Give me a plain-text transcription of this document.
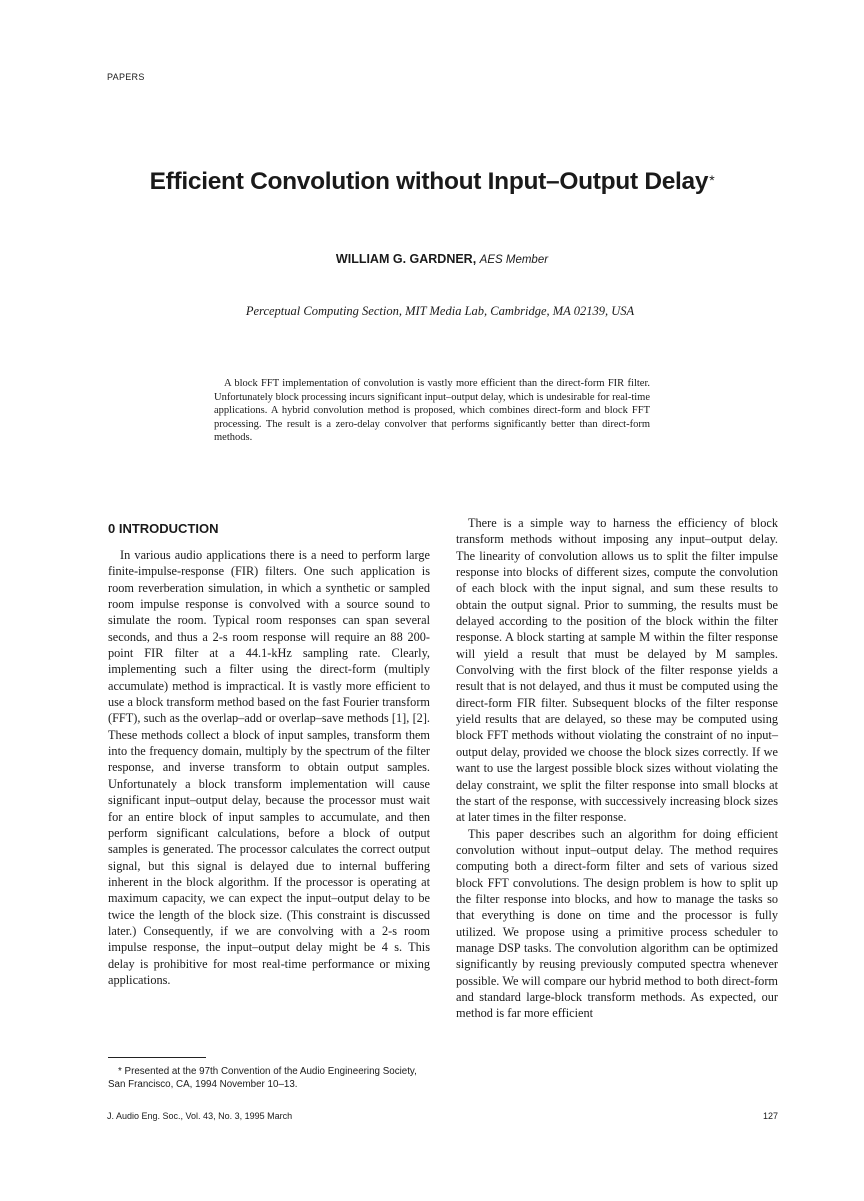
PAPERS
Efficient Convolution without Input–Output Delay*
WILLIAM G. GARDNER, AES Member
Perceptual Computing Section, MIT Media Lab, Cambridge, MA 02139, USA
A block FFT implementation of convolution is vastly more efficient than the direct-form FIR filter. Unfortunately block processing incurs significant input–output delay, which is undesirable for real-time applications. A hybrid convolution method is proposed, which combines direct-form and block FFT processing. The result is a zero-delay convolver that performs significantly better than direct-form methods.
0 INTRODUCTION

In various audio applications there is a need to perform large finite-impulse-response (FIR) filters. One such application is room reverberation simulation, in which a synthetic or sampled room impulse response is convolved with a source sound to simulate the room. Typical room responses can span several seconds, and thus a 2-s room response will require an 88 200-point FIR filter at a 44.1-kHz sampling rate. Clearly, implementing such a filter using the direct-form (multiply accumulate) method is impractical. It is vastly more efficient to use a block transform method based on the fast Fourier transform (FFT), such as the overlap–add or overlap–save methods [1], [2]. These methods collect a block of input samples, transform them into the frequency domain, multiply by the spectrum of the filter response, and inverse transform to obtain output samples. Unfortunately a block transform implementation will cause significant input–output delay, because the processor must wait for an entire block of input samples to accumulate, and then perform significant calculations, before a block of output samples is generated. The processor calculates the correct output signal, but this signal is delayed due to internal buffering inherent in the block algorithm. If the processor is operating at maximum capacity, we can expect the input–output delay to be twice the length of the block size. (This constraint is discussed later.) Consequently, if we are convolving with a 2-s room impulse response, the input–output delay might be 4 s. This delay is prohibitive for most real-time performance or mixing applications.

There is a simple way to harness the efficiency of block transform methods without imposing any input–output delay. The linearity of convolution allows us to split the filter impulse response into blocks of different sizes, compute the convolution of each block with the input signal, and sum these results to obtain the output signal. Prior to summing, the results must be delayed according to the position of the block within the filter response. A block starting at sample M within the filter response will yield a result that must be delayed by M samples. Convolving with the first block of the filter response yields a result that is not delayed, and thus it must be computed using the direct-form FIR filter. Subsequent blocks of the filter response yield results that are delayed, so these may be computed using block FFT methods without violating the constraint of no input–output delay, provided we choose the block sizes correctly. If we want to use the largest possible block sizes without violating the delay constraint, we split the filter response into small blocks at the start of the response, with successively increasing block sizes at later times in the filter response.

This paper describes such an algorithm for doing efficient convolution without input–output delay. The method requires computing both a direct-form filter and sets of various sized block FFT convolutions. The design problem is how to split up the filter response into blocks, and how to manage the tasks so that everything is done on time and the processor is fully utilized. We propose using a primitive process scheduler to manage DSP tasks. The convolution algorithm can be optimized significantly by reusing previously computed spectra whenever possible. We will compare our hybrid method to both direct-form and standard large-block transform methods. As expected, our method is far more efficient

* Presented at the 97th Convention of the Audio Engineering Society, San Francisco, CA, 1994 November 10–13.
J. Audio Eng. Soc., Vol. 43, No. 3, 1995 March	127
